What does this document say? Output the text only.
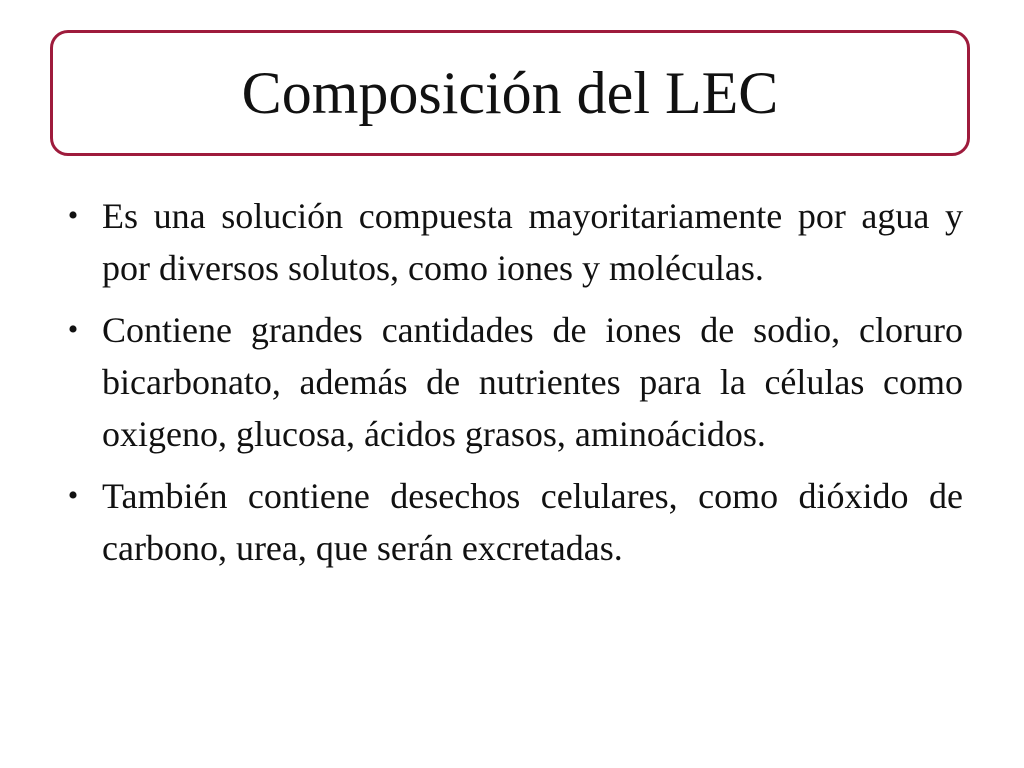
Composición del LEC
• Es una solución compuesta mayoritariamente por agua y por diversos solutos, como iones y moléculas.
• Contiene grandes cantidades de iones de sodio, cloruro bicarbonato, además de nutrientes para la células como oxigeno, glucosa, ácidos grasos, aminoácidos.
• También contiene desechos celulares, como dióxido de carbono, urea, que serán excretadas.
